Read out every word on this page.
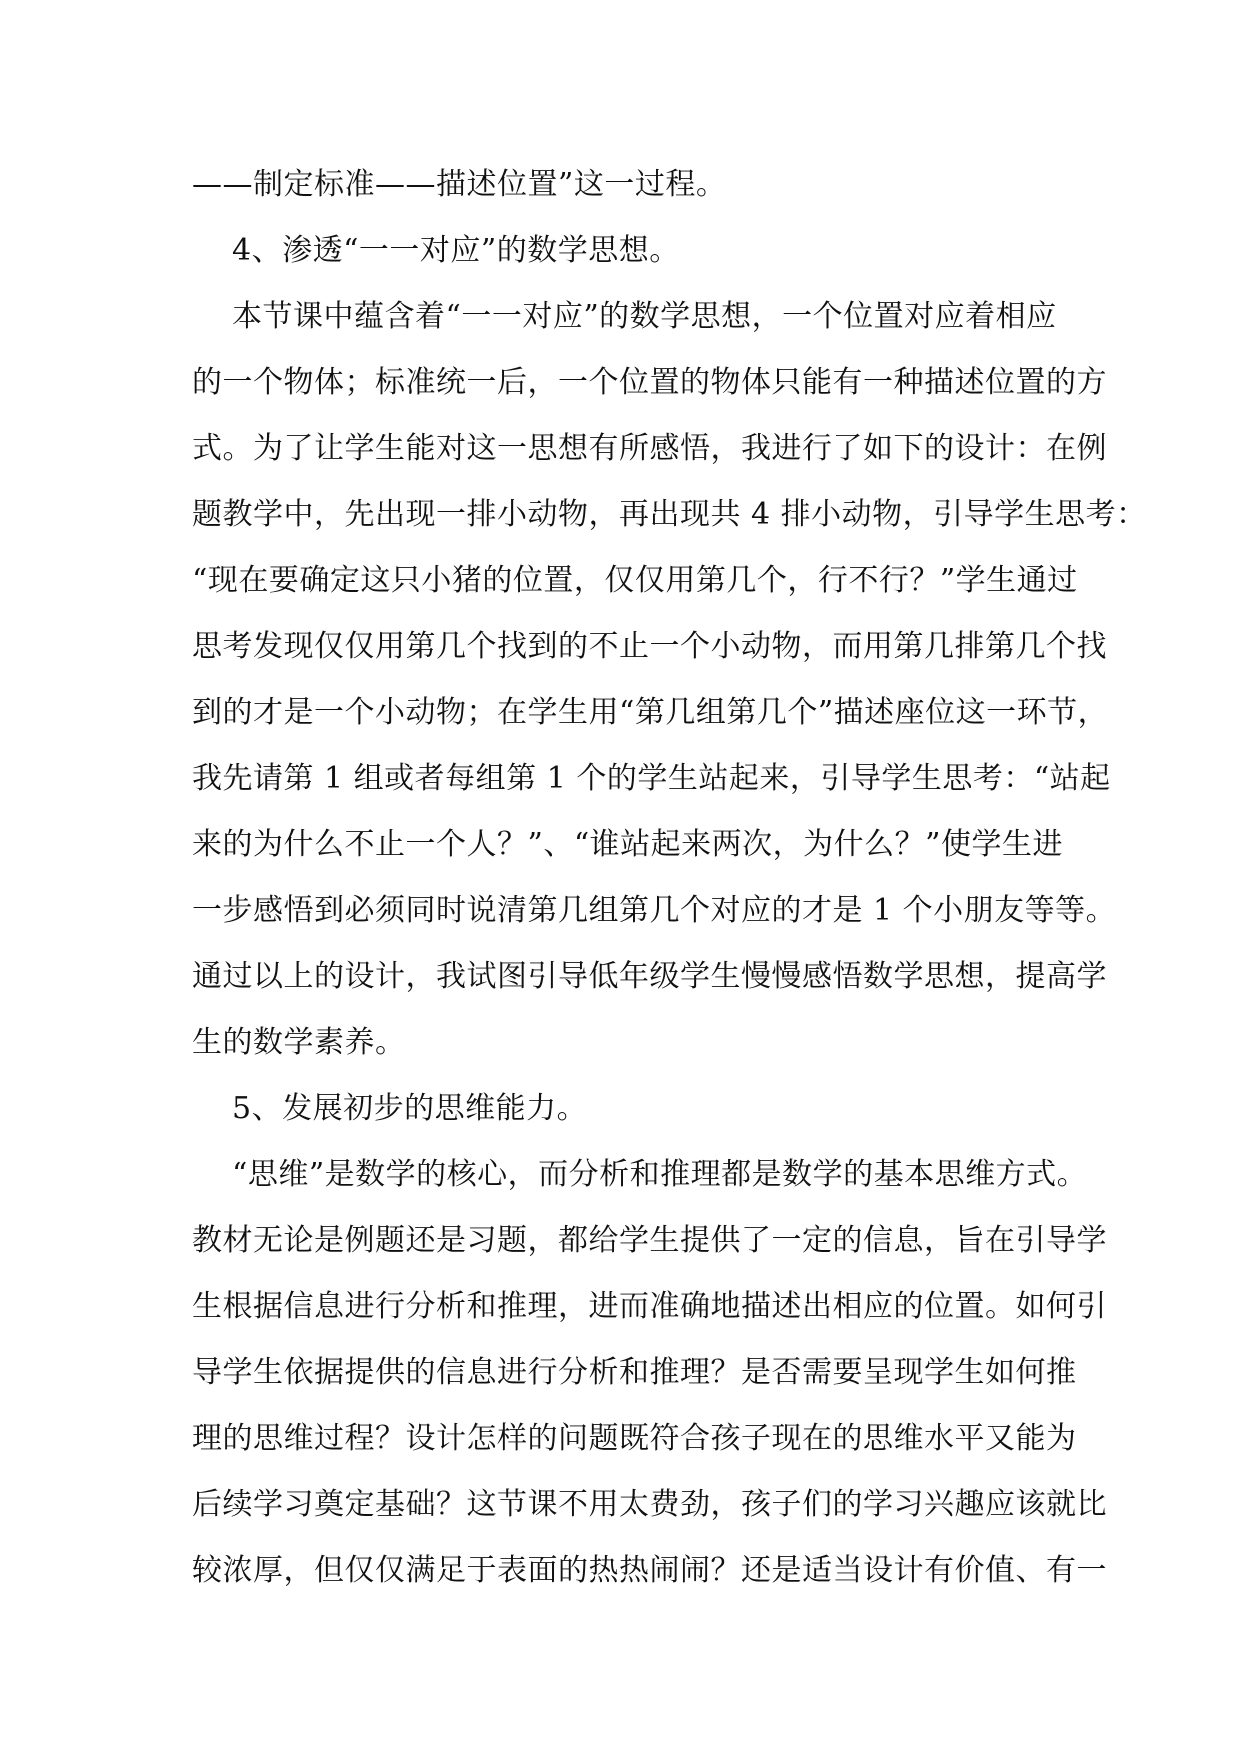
——制定标准——描述位置”这一过程。
4、渗透“一一对应”的数学思想。
本节课中蕴含着“一一对应”的数学思想，一个位置对应着相应
的一个物体；标准统一后，一个位置的物体只能有一种描述位置的方
式。为了让学生能对这一思想有所感悟，我进行了如下的设计：在例
题教学中，先出现一排小动物，再出现共 4 排小动物，引导学生思考：
“现在要确定这只小猪的位置，仅仅用第几个，行不行？”学生通过
思考发现仅仅用第几个找到的不止一个小动物，而用第几排第几个找
到的才是一个小动物；在学生用“第几组第几个”描述座位这一环节，
我先请第 1 组或者每组第 1 个的学生站起来，引导学生思考：“站起
来的为什么不止一个人？”、“谁站起来两次，为什么？”使学生进
一步感悟到必须同时说清第几组第几个对应的才是 1 个小朋友等等。
通过以上的设计，我试图引导低年级学生慢慢感悟数学思想，提高学
生的数学素养。
5、发展初步的思维能力。
“思维”是数学的核心，而分析和推理都是数学的基本思维方式。
教材无论是例题还是习题，都给学生提供了一定的信息，旨在引导学
生根据信息进行分析和推理，进而准确地描述出相应的位置。如何引
导学生依据提供的信息进行分析和推理？是否需要呈现学生如何推
理的思维过程？设计怎样的问题既符合孩子现在的思维水平又能为
后续学习奠定基础？这节课不用太费劲，孩子们的学习兴趣应该就比
较浓厚，但仅仅满足于表面的热热闹闹？还是适当设计有价值、有一
